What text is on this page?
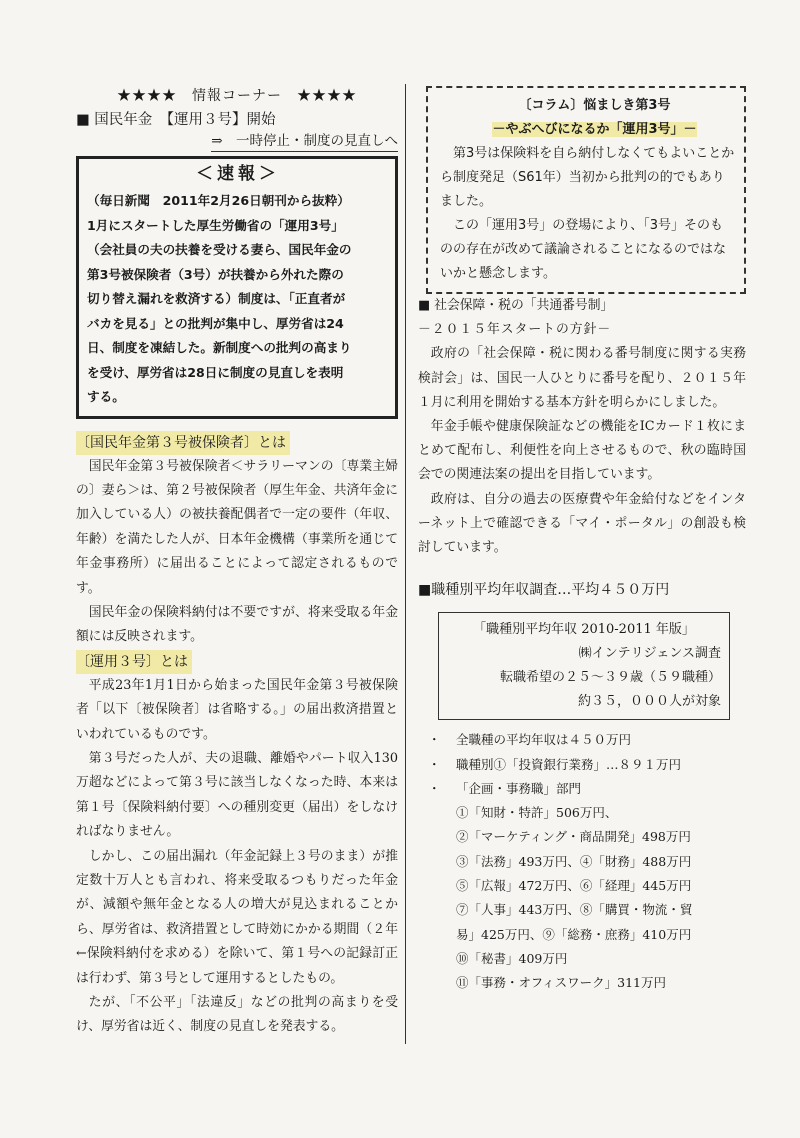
★★★★　情報コーナー　★★★★

■ 国民年金　【運用３号】開始

⇒　一時停止・制度の見直しへ

＜速報＞

（毎日新聞　2011年2月26日朝刊から抜粋）

1月にスタートした厚生労働省の「運用3号」

（会社員の夫の扶養を受ける妻ら、国民年金の

第3号被保険者（3号）が扶養から外れた際の

切り替え漏れを救済する）制度は、「正直者が

バカを見る」との批判が集中し、厚労省は24

日、制度を凍結した。新制度への批判の高まり

を受け、厚労省は28日に制度の見直しを表明

する。

〔国民年金第３号被保険者〕とは

国民年金第３号被保険者＜サラリーマンの〔専業主婦の〕妻ら＞は、第２号被保険者（厚生年金、共済年金に加入している人）の被扶養配偶者で一定の要件（年収、年齢）を満たした人が、日本年金機構（事業所を通じて年金事務所）に届出ることによって認定されるものです。

国民年金の保険料納付は不要ですが、将来受取る年金額には反映されます。

〔運用３号〕とは

平成23年1月1日から始まった国民年金第３号被保険者「以下〔被保険者〕は省略する。」の届出救済措置といわれているものです。

第３号だった人が、夫の退職、離婚やパート収入130万超などによって第３号に該当しなくなった時、本来は第１号〔保険料納付要〕への種別変更（届出）をしなければなりません。

しかし、この届出漏れ（年金記録上３号のまま）が推定数十万人とも言われ、将来受取るつもりだった年金が、減額や無年金となる人の増大が見込まれることから、厚労省は、救済措置として時効にかかる期間（２年←保険料納付を求める）を除いて、第１号への記録訂正は行わず、第３号として運用するとしたもの。

たが、「不公平」「法違反」などの批判の高まりを受け、厚労省は近く、制度の見直しを発表する。

〔コラム〕悩ましき第3号

－やぶへびになるか「運用3号」－

第3号は保険料を自ら納付しなくてもよいことから制度発足（S61年）当初から批判の的でもありました。

この「運用3号」の登場により、「3号」そのものの存在が改めて議論されることになるのではないかと懸念します。

■ 社会保障・税の「共通番号制」

－２０１５年スタートの方針－

政府の「社会保障・税に関わる番号制度に関する実務検討会」は、国民一人ひとりに番号を配り、２０１５年１月に利用を開始する基本方針を明らかにしました。

年金手帳や健康保険証などの機能をICカード１枚にまとめて配布し、利便性を向上させるもので、秋の臨時国会での関連法案の提出を目指しています。

政府は、自分の過去の医療費や年金給付などをインターネット上で確認できる「マイ・ポータル」の創設も検討しています。

■職種別平均年収調査…平均４５０万円

「職種別平均年収 2010-2011 年版」

㈱インテリジェンス調査

転職希望の２５～３９歳（５９職種）

約３５，０００人が対象

・ 全職種の平均年収は４５０万円
・ 職種別①「投資銀行業務」…８９１万円
・ 「企画・事務職」部門
①「知財・特許」506万円、
②「マーケティング・商品開発」498万円
③「法務」493万円、④「財務」488万円
⑤「広報」472万円、⑥「経理」445万円
⑦「人事」443万円、⑧「購買・物流・貿
易」425万円、⑨「総務・庶務」410万円
⑩「秘書」409万円
⑪「事務・オフィスワーク」311万円
